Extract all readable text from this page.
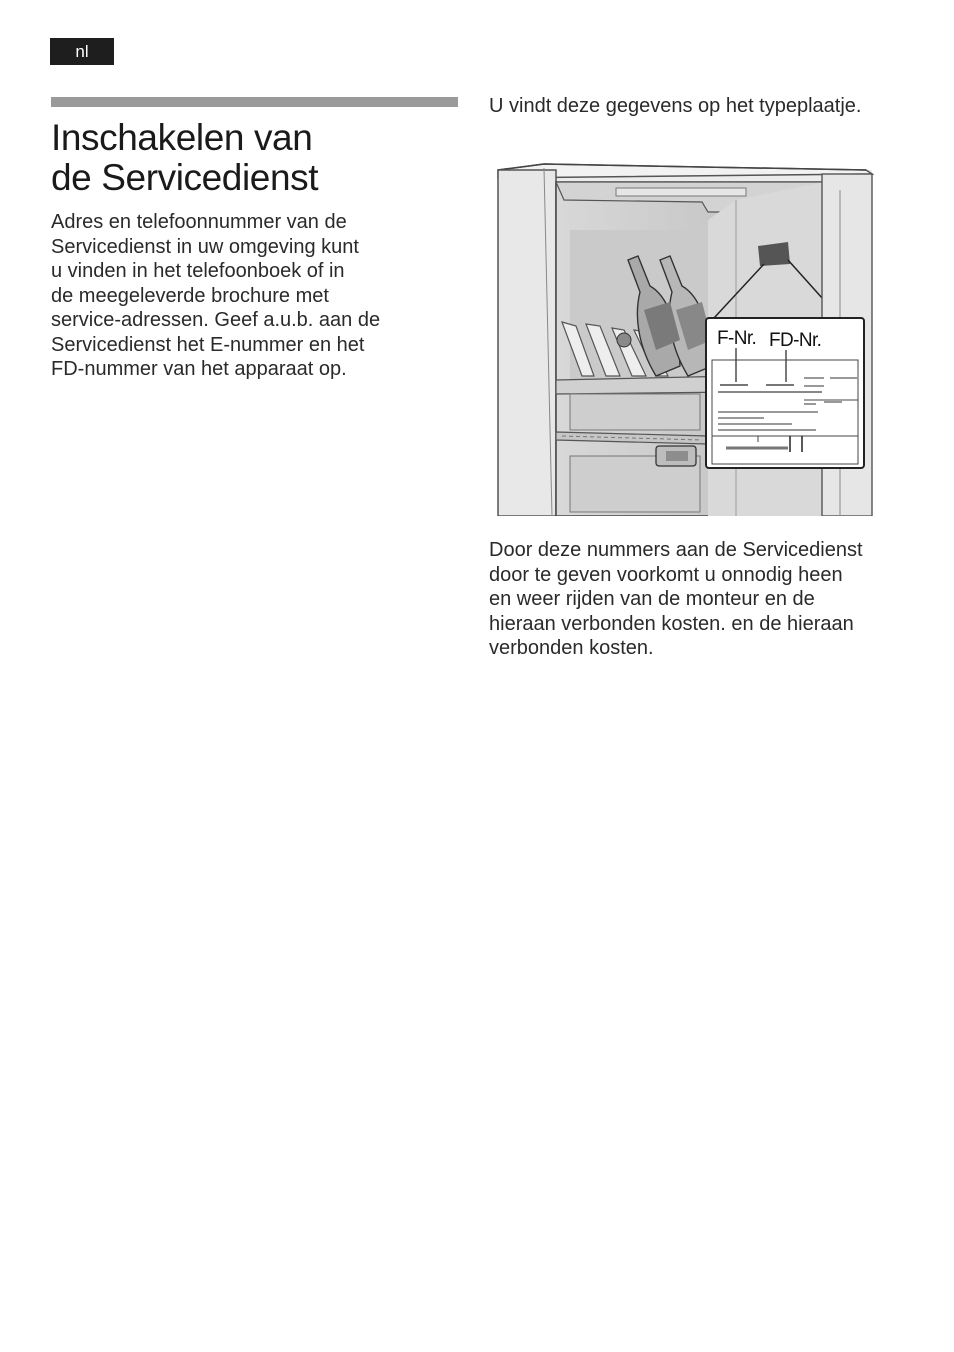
nl
Inschakelen van
de Servicedienst
Adres en telefoonnummer van de
Servicedienst in uw omgeving kunt
u vinden in het telefoonboek of in
de meegeleverde brochure met
service-adressen. Geef a.u.b. aan de
Servicedienst het E-nummer en het
FD-nummer van het apparaat op.
U vindt deze gegevens op het typeplaatje.
F-Nr. FD-Nr.
Door deze nummers aan de Servicedienst
door te geven voorkomt u onnodig heen
en weer rijden van de monteur en de
hieraan verbonden kosten. en de hieraan
verbonden kosten.
